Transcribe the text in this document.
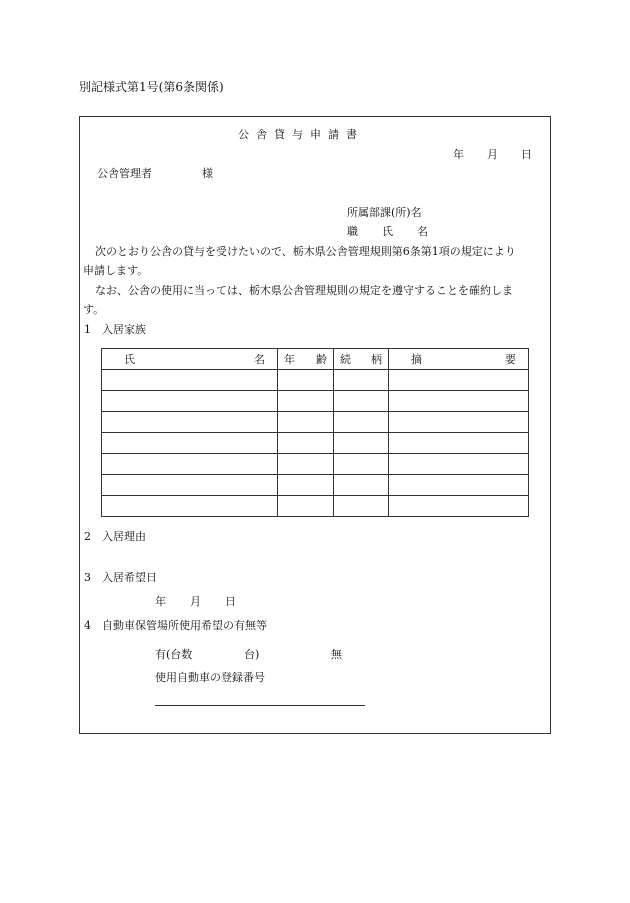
別記様式第1号(第6条関係)
公舎貸与申請書
年 月 日
公舎管理者	様
所属部課(所)名
職 氏 名
次のとおり公舎の貸与を受けたいので、栃木県公舎管理規則第6条第1項の規定により
申請します。
なお、公舎の使用に当っては、栃木県公舎管理規則の規定を遵守することを確約しま
す。
1　入居家族
氏 名	年 齢	続 柄	摘 要

2　入居理由
3　入居希望日
年 月 日
4　自動車保管場所使用希望の有無等
有(台数	台)	無
使用自動車の登録番号
